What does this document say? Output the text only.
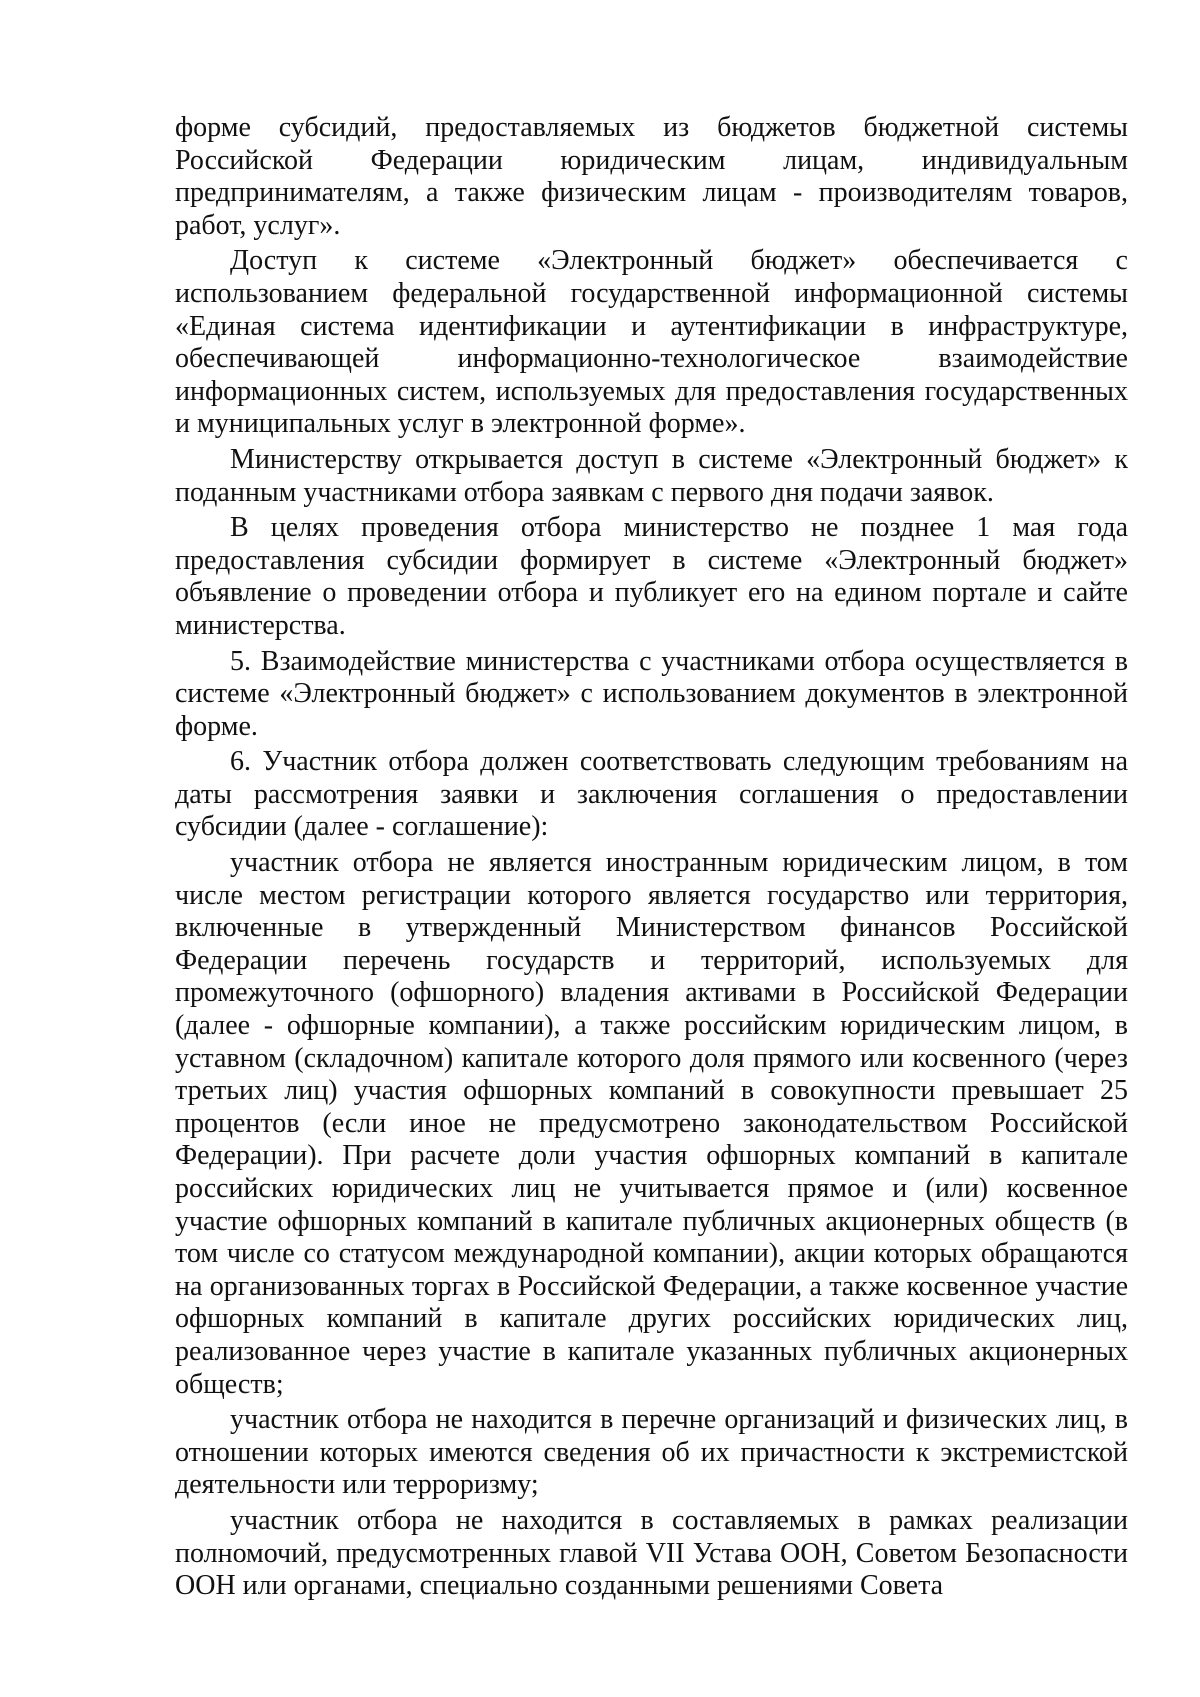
форме субсидий, предоставляемых из бюджетов бюджетной системы Российской Федерации юридическим лицам, индивидуальным предпринимателям, а также физическим лицам - производителям товаров, работ, услуг».

Доступ к системе «Электронный бюджет» обеспечивается с использованием федеральной государственной информационной системы «Единая система идентификации и аутентификации в инфраструктуре, обеспечивающей информационно-технологическое взаимодействие информационных систем, используемых для предоставления государственных и муниципальных услуг в электронной форме».

Министерству открывается доступ в системе «Электронный бюджет» к поданным участниками отбора заявкам с первого дня подачи заявок.

В целях проведения отбора министерство не позднее 1 мая года предоставления субсидии формирует в системе «Электронный бюджет» объявление о проведении отбора и публикует его на едином портале и сайте министерства.

5. Взаимодействие министерства с участниками отбора осуществляется в системе «Электронный бюджет» с использованием документов в электронной форме.

6. Участник отбора должен соответствовать следующим требованиям на даты рассмотрения заявки и заключения соглашения о предоставлении субсидии (далее - соглашение):

участник отбора не является иностранным юридическим лицом, в том числе местом регистрации которого является государство или территория, включенные в утвержденный Министерством финансов Российской Федерации перечень государств и территорий, используемых для промежуточного (офшорного) владения активами в Российской Федерации (далее - офшорные компании), а также российским юридическим лицом, в уставном (складочном) капитале которого доля прямого или косвенного (через третьих лиц) участия офшорных компаний в совокупности превышает 25 процентов (если иное не предусмотрено законодательством Российской Федерации). При расчете доли участия офшорных компаний в капитале российских юридических лиц не учитывается прямое и (или) косвенное участие офшорных компаний в капитале публичных акционерных обществ (в том числе со статусом международной компании), акции которых обращаются на организованных торгах в Российской Федерации, а также косвенное участие офшорных компаний в капитале других российских юридических лиц, реализованное через участие в капитале указанных публичных акционерных обществ;

участник отбора не находится в перечне организаций и физических лиц, в отношении которых имеются сведения об их причастности к экстремистской деятельности или терроризму;

участник отбора не находится в составляемых в рамках реализации полномочий, предусмотренных главой VII Устава ООН, Советом Безопасности ООН или органами, специально созданными решениями Совета
